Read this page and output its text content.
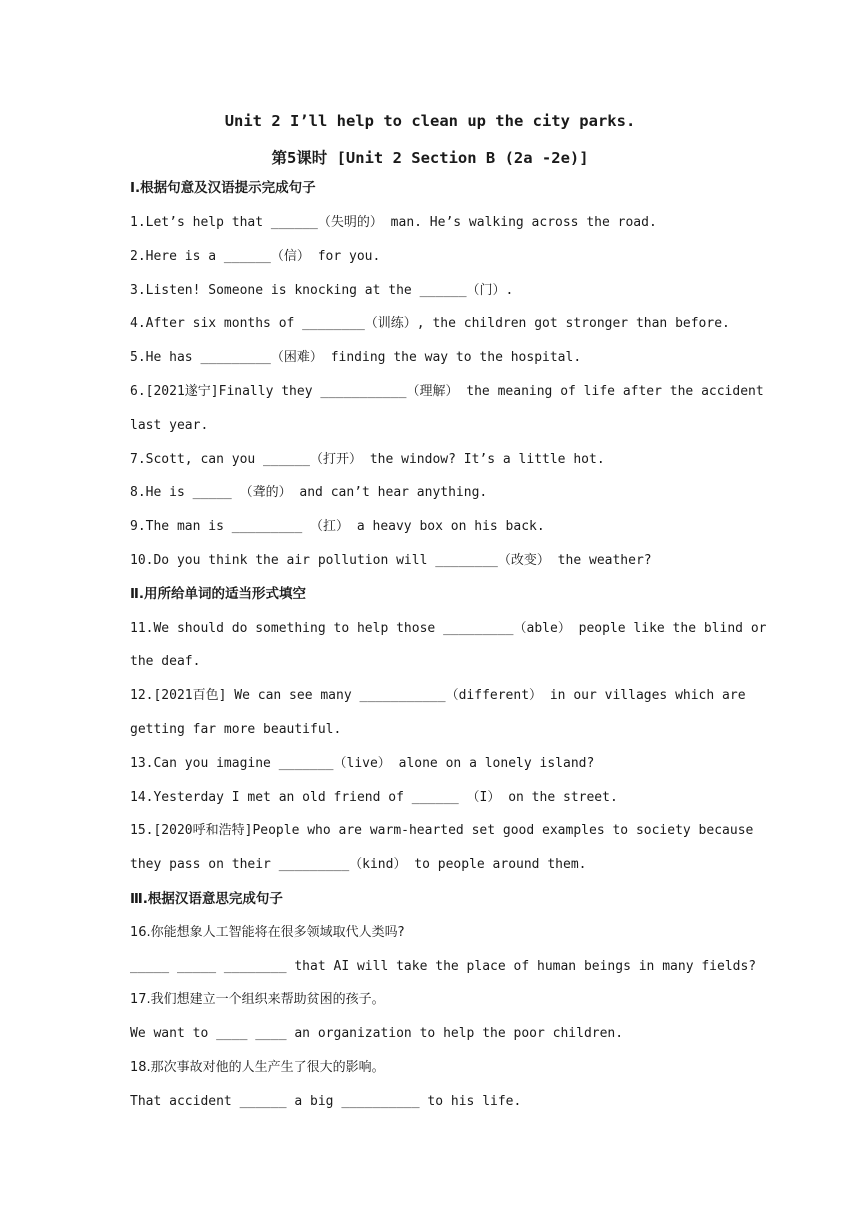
Unit 2 I’ll help to clean up the city parks.
第5课时 [Unit 2 Section B (2a -2e)]
Ⅰ.根据句意及汉语提示完成句子
1.Let’s help that ______（失明的） man. He’s walking across the road.
2.Here is a ______（信） for you.
3.Listen! Someone is knocking at the ______（门）.
4.After six months of ________（训练）, the children got stronger than before.
5.He has _________（困难） finding the way to the hospital.
6.[2021遂宁]Finally they ___________（理解） the meaning of life after the accident
last year.
7.Scott, can you ______（打开） the window? It’s a little hot.
8.He is _____ （聋的） and can’t hear anything.
9.The man is _________ （扛） a heavy box on his back.
10.Do you think the air pollution will ________（改变） the weather?
Ⅱ.用所给单词的适当形式填空
11.We should do something to help those _________（able） people like the blind or
the deaf.
12.[2021百色] We can see many ___________（different） in our villages which are
getting far more beautiful.
13.Can you imagine _______（live） alone on a lonely island?
14.Yesterday I met an old friend of ______ （I） on the street.
15.[2020呼和浩特]People who are warm-hearted set good examples to society because
they pass on their _________（kind） to people around them.
Ⅲ.根据汉语意思完成句子
16.你能想象人工智能将在很多领域取代人类吗?
_____ _____ ________ that AI will take the place of human beings in many fields?
17.我们想建立一个组织来帮助贫困的孩子。
We want to ____ ____ an organization to help the poor children.
18.那次事故对他的人生产生了很大的影响。
That accident ______ a big __________ to his life.
